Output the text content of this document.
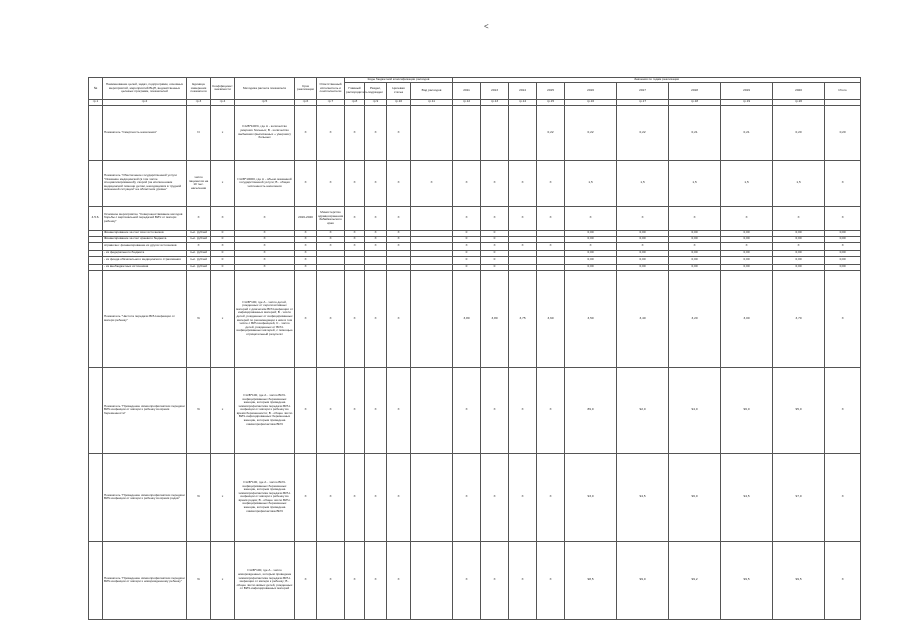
<
№	Наименование целей, задач, подпрограмм, основных мероприятий, мероприятий ВЦП, ведомственных целевых программ, показателей	Единица измерения показателя	Коэффициент значимости	Методика расчета показателя	Срок реализации	Ответственный исполнитель и соисполнители	Коды бюджетной классификации расходов				Значения по годам реализации									
							Главный распорядитель	Раздел, подраздел	Целевая статья	Вид расходов	2011	2013	2014	2015	2016	2017	2018	2019	2020	Итого

гр.1	гр.2	гр.3	гр.4	гр.5	гр.6	гр.7	гр.8	гр.9	гр.10	гр.11	гр.12	гр.13	гр.14	гр.15	гр.16	гр.17	гр.18	гр.19	гр.20	
	Показатель "Смертность населения"	N	x	I=A/B*100%, где А - количество умерших больных; В - количество выбывших (выписанных + умерших) больных	X	X	X	X	X					0,22	0,22	0,22	0,21	0,21	0,20	0,20
	Показатель "Обеспечение государственной услуги "Оказание медицинской (в том числе специализированной), скорой (за исключением медицинской помощи детям, находящимся в трудной жизненной ситуации" на областном уровне"	число пациентов на 10 тыс. населения	x	I=A/B*10000, где А - объем оказанной государственной услуги; В - общая численность населения	X	X	X	X	X	X	X	X	X	X	1,5	1,5	1,5	1,5	1,5	X
4.5.6.	Основное мероприятие "Совершенствование методов борьбы с вертикальной передачей ВИЧ от матери ребенку"	X	X	X	2016-2020	Министерство здравоохранения Забайкальского края	X	X	X		X	X	X	X	X	X	X	X	X	X
	Финансирование за счет всех источников	тыс. рублей	0	X	X	X	X	X	X		0	0			0,00	0,00	0,00	0,00	0,00	0,00
	Финансирование за счет краевого бюджета	тыс. рублей	0	X	X	X	X	X	X		0	0			0,00	0,00	0,00	0,00	0,00	0,00
	справочно: финансирование из других источников	X	X	X	X	X	X	X	X		X	X	X	X	X	X	X	X	X	X
	- из федерального бюджета	тыс. рублей	0	X	X						0	0			0,00	0,00	0,00	0,00	0,00	0,00
	- из фонда обязательного медицинского страхования	тыс. рублей	0	X	X						0	0			0,00	0,00	0,00	0,00	0,00	0,00
	- из внебюджетных источников	тыс. рублей	0	X	X						0	0			0,00	0,00	0,00	0,00	0,00	0,00
	Показатель "Частота передачи ВИЧ-инфекции от матери ребенку"	%	x	I=A/B*100, где А - число детей, рожденных от серопозитивных матерей с диагнозом ВИЧ-инфекции от инфицированных матерей; В - число детей, рожденных от инфицированных матерей по рекомендации к ним в том числе с ВИЧ-инфекцией, С - число детей, рожденных от ВИЧ-инфицированных матерей, с помощью отрицательный результат	X	X	X	X	X		3,80	3,80	3,75	3,60	3,50	3,40	3,20	3,00	3,70	X
	Показатель "Проведение химиопрофилактики передачи ВИЧ-инфекции от матери к ребенку во время беременности"	%	x	I=A/B*100, где А - число ВИЧ-инфицированных беременных женщин, которым проведена химиопрофилактика передачи ВИЧ-инфекции от матери к ребенку во время беременности; В - общее число ВИЧ-инфицированных беременных женщин, которым проведена химиопрофилактика ВИЧ	X	X	X	X	X		X	X	X	X	89,0	92,0	94,0	96,0	95,0	X
	Показатель "Проведение химиопрофилактики передачи ВИЧ-инфекции от матери к ребенку во время родов"	%	x	I=A/B*100, где А - число ВИЧ-инфицированных беременных женщин, которым проведена химиопрофилактика передачи ВИЧ-инфекции от матери к ребенку во время родов; В - общее число ВИЧ-инфицированных беременных женщин, которым проведена химиопрофилактика ВИЧ	X	X	X	X	X		X	X	X	X	93,0	94,5	96,0	94,5	97,0	X
	Показатель "Проведение химиопрофилактики передачи ВИЧ-инфекции от матери к новорожденному ребенку"	%	x	I=A/B*100, где А - число новорожденных, которым проведена химиопрофилактика передачи ВИЧ-инфекции от матери к ребенку; В - общее число живых детей, рожденных от ВИЧ-инфицированных матерей	X	X	X	X	X		X	X	X	X	98,5	99,0	99,2	99,5	99,5	X
